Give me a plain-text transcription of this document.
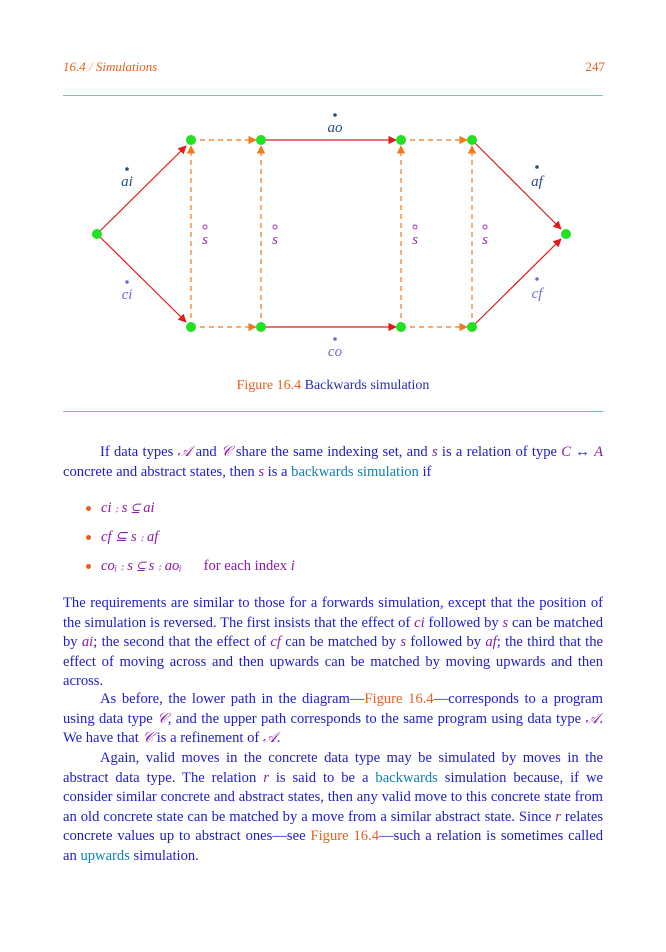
16.4 / Simulations	247
ao
ai	af
ci	cf
co
s	s	s	s
Figure 16.4 Backwards simulation

If data types 𝒜 and 𝒞 share the same indexing set, and s is a relation of type C ↔ A concrete and abstract states, then s is a backwards simulation if

ci ⨾ s ⊆ ai
cf ⊆ s ⨾ af
coᵢ ⨾ s ⊆ s ⨾ aoᵢ for each index i

The requirements are similar to those for a forwards simulation, except that the position of the simulation is reversed. The first insists that the effect of ci followed by s can be matched by ai; the second that the effect of cf can be matched by s followed by af; the third that the effect of moving across and then upwards can be matched by moving upwards and then across.

As before, the lower path in the diagram—Figure 16.4—corresponds to a program using data type 𝒞, and the upper path corresponds to the same program using data type 𝒜. We have that 𝒞 is a refinement of 𝒜.

Again, valid moves in the concrete data type may be simulated by moves in the abstract data type. The relation r is said to be a backwards simulation because, if we consider similar concrete and abstract states, then any valid move to this concrete state from an old concrete state can be matched by a move from a similar abstract state. Since r relates concrete values up to abstract ones—see Figure 16.4—such a relation is sometimes called an upwards simulation.
